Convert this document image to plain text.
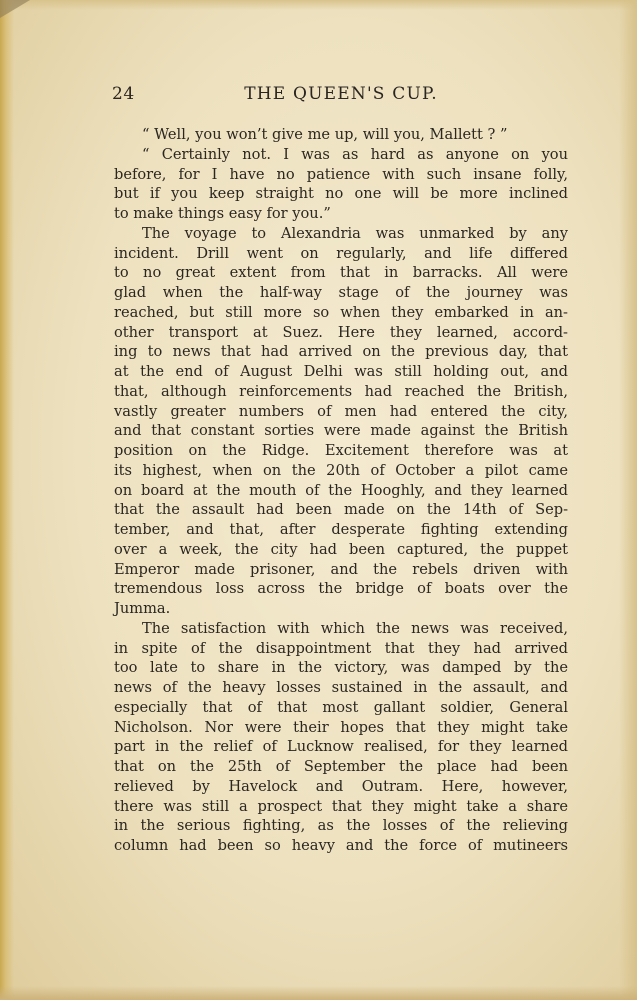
24	THE QUEEN'S CUP.
“ Well, you won’t give me up, will you, Mallett ? ”
“ Certainly not. I was as hard as anyone on you
before, for I have no patience with such insane folly,
but if you keep straight no one will be more inclined
to make things easy for you.”
The voyage to Alexandria was unmarked by any
incident. Drill went on regularly, and life differed
to no great extent from that in barracks. All were
glad when the half-way stage of the journey was
reached, but still more so when they embarked in an-
other transport at Suez. Here they learned, accord-
ing to news that had arrived on the previous day, that
at the end of August Delhi was still holding out, and
that, although reinforcements had reached the British,
vastly greater numbers of men had entered the city,
and that constant sorties were made against the British
position on the Ridge. Excitement therefore was at
its highest, when on the 20th of October a pilot came
on board at the mouth of the Hooghly, and they learned
that the assault had been made on the 14th of Sep-
tember, and that, after desperate fighting extending
over a week, the city had been captured, the puppet
Emperor made prisoner, and the rebels driven with
tremendous loss across the bridge of boats over the
Jumma.
The satisfaction with which the news was received,
in spite of the disappointment that they had arrived
too late to share in the victory, was damped by the
news of the heavy losses sustained in the assault, and
especially that of that most gallant soldier, General
Nicholson. Nor were their hopes that they might take
part in the relief of Lucknow realised, for they learned
that on the 25th of September the place had been
relieved by Havelock and Outram. Here, however,
there was still a prospect that they might take a share
in the serious fighting, as the losses of the relieving
column had been so heavy and the force of mutineers
